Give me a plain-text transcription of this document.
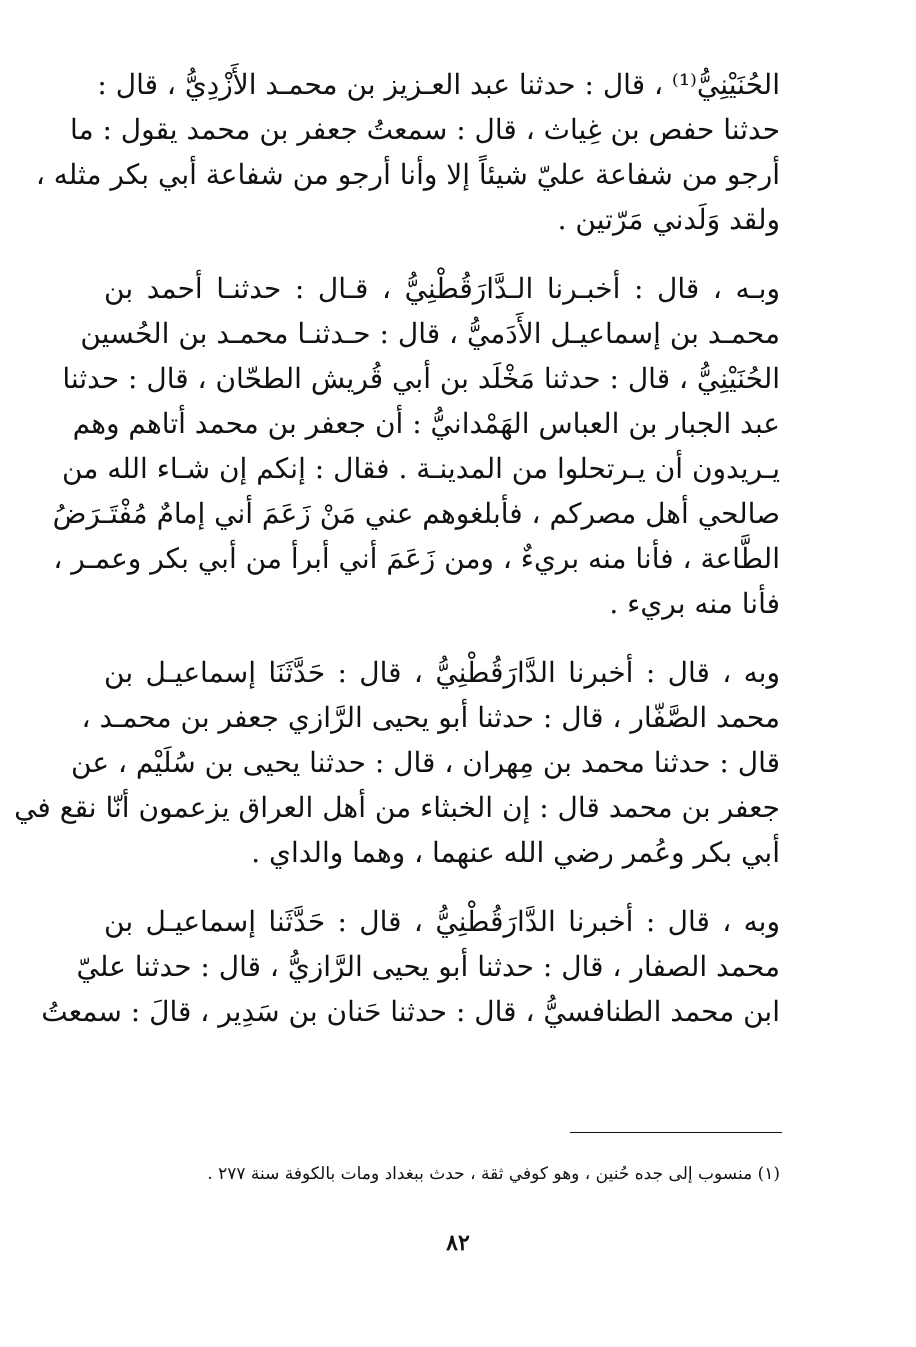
الحُنَيْنِيُّ⁽¹⁾ ، قال : حدثنا عبد العـزيز بن محمـد الأَزْدِيُّ ، قال :
حدثنا حفص بن غِياث ، قال : سمعتُ جعفر بن محمد يقول : ما
أرجو من شفاعة عليّ شيئاً إلا وأنا أرجو من شفاعة أبي بكر مثله ،
ولقد وَلَدني مَرّتين .
وبـه ، قال : أخبـرنا الـدَّارَقُطْنِيُّ ، قـال : حدثنـا أحمد بن
محمـد بن إسماعيـل الأَدَميُّ ، قال : حـدثنـا محمـد بن الحُسين
الحُنَيْنِيُّ ، قال : حدثنا مَخْلَد بن أبي قُريش الطحّان ، قال : حدثنا
عبد الجبار بن العباس الهَمْدانيُّ : أن جعفر بن محمد أتاهم وهم
يـريدون أن يـرتحلوا من المدينـة . فقال : إنكم إن شـاء الله من
صالحي أهل مصركم ، فأبلغوهم عني مَنْ زَعَمَ أني إمامٌ مُفْتَـرَضُ
الطَّاعة ، فأنا منه بريءٌ ، ومن زَعَمَ أني أبرأ من أبي بكر وعمـر ،
فأنا منه بريء .
وبه ، قال : أخبرنا الدَّارَقُطْنِيُّ ، قال : حَدَّثَنَا إسماعيـل بن
محمد الصَّفّار ، قال : حدثنا أبو يحيى الرَّازي جعفر بن محمـد ،
قال : حدثنا محمد بن مِهران ، قال : حدثنا يحيى بن سُلَيْم ، عن
جعفر بن محمد قال : إن الخبثاء من أهل العراق يزعمون أنّا نقع في
أبي بكر وعُمر رضي الله عنهما ، وهما والداي .
وبه ، قال : أخبرنا الدَّارَقُطْنِيُّ ، قال : حَدَّثَنا إسماعيـل بن
محمد الصفار ، قال : حدثنا أبو يحيى الرَّازيُّ ، قال : حدثنا عليّ
ابن محمد الطنافسيُّ ، قال : حدثنا حَنان بن سَدِير ، قالَ : سمعتُ
(١) منسوب إلى جده حُنين ، وهو كوفي ثقة ، حدث ببغداد ومات بالكوفة سنة ٢٧٧ .
٨٢
